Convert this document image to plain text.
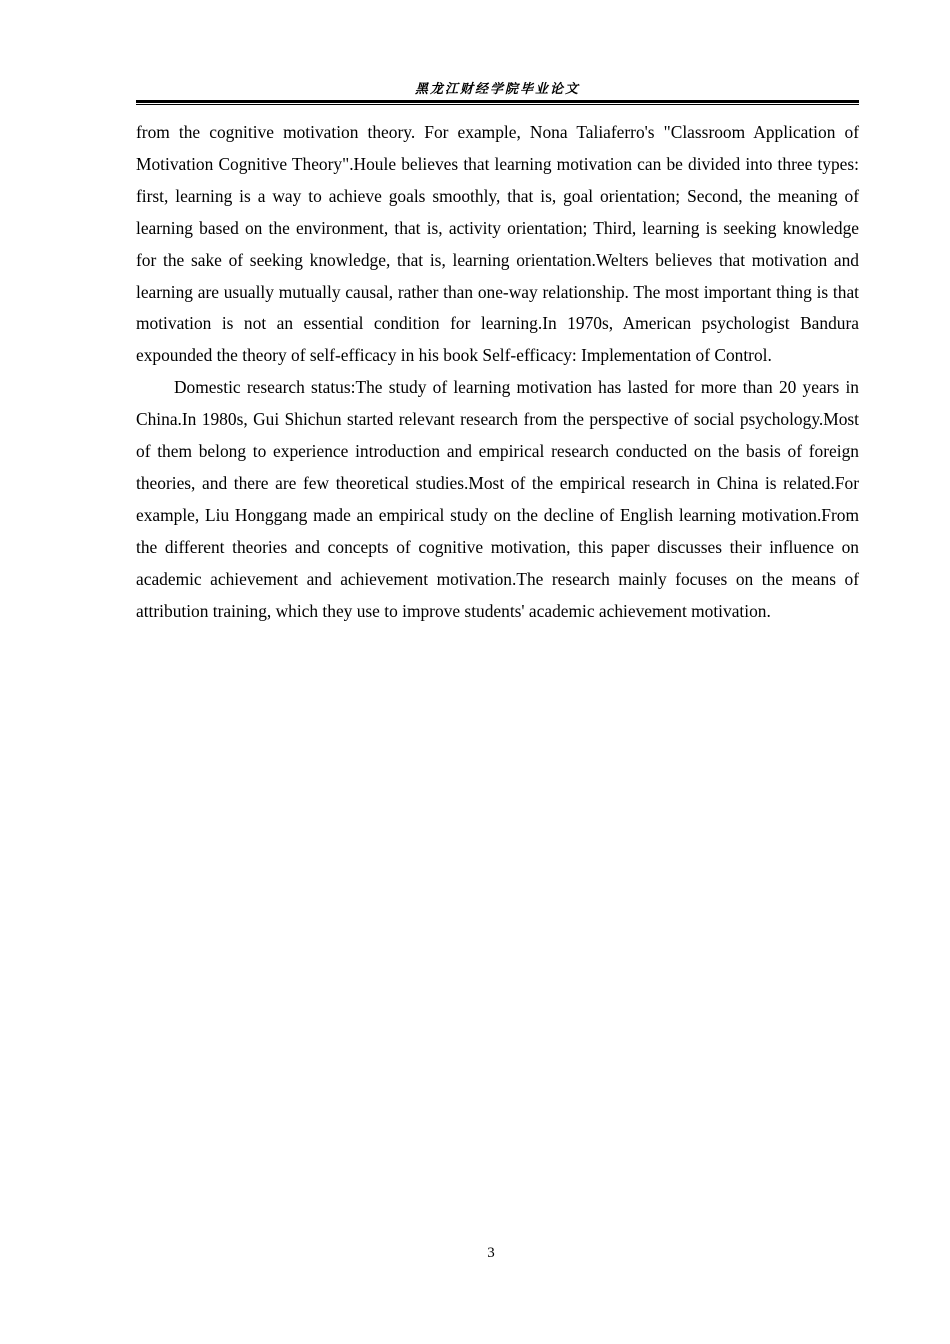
黑龙江财经学院毕业论文

from the cognitive motivation theory. For example, Nona Taliaferro's "Classroom Application of Motivation Cognitive Theory".Houle believes that learning motivation can be divided into three types: first, learning is a way to achieve goals smoothly, that is, goal orientation; Second, the meaning of learning based on the environment, that is, activity orientation; Third, learning is seeking knowledge for the sake of seeking knowledge, that is, learning orientation.Welters believes that motivation and learning are usually mutually causal, rather than one-way relationship. The most important thing is that motivation is not an essential condition for learning.In 1970s, American psychologist Bandura expounded the theory of self-efficacy in his book Self-efficacy: Implementation of Control.

Domestic research status:The study of learning motivation has lasted for more than 20 years in China.In 1980s, Gui Shichun started relevant research from the perspective of social psychology.Most of them belong to experience introduction and empirical research conducted on the basis of foreign theories, and there are few theoretical studies.Most of the empirical research in China is related.For example, Liu Honggang made an empirical study on the decline of English learning motivation.From the different theories and concepts of cognitive motivation, this paper discusses their influence on academic achievement and achievement motivation.The research mainly focuses on the means of attribution training, which they use to improve students' academic achievement motivation.

3
